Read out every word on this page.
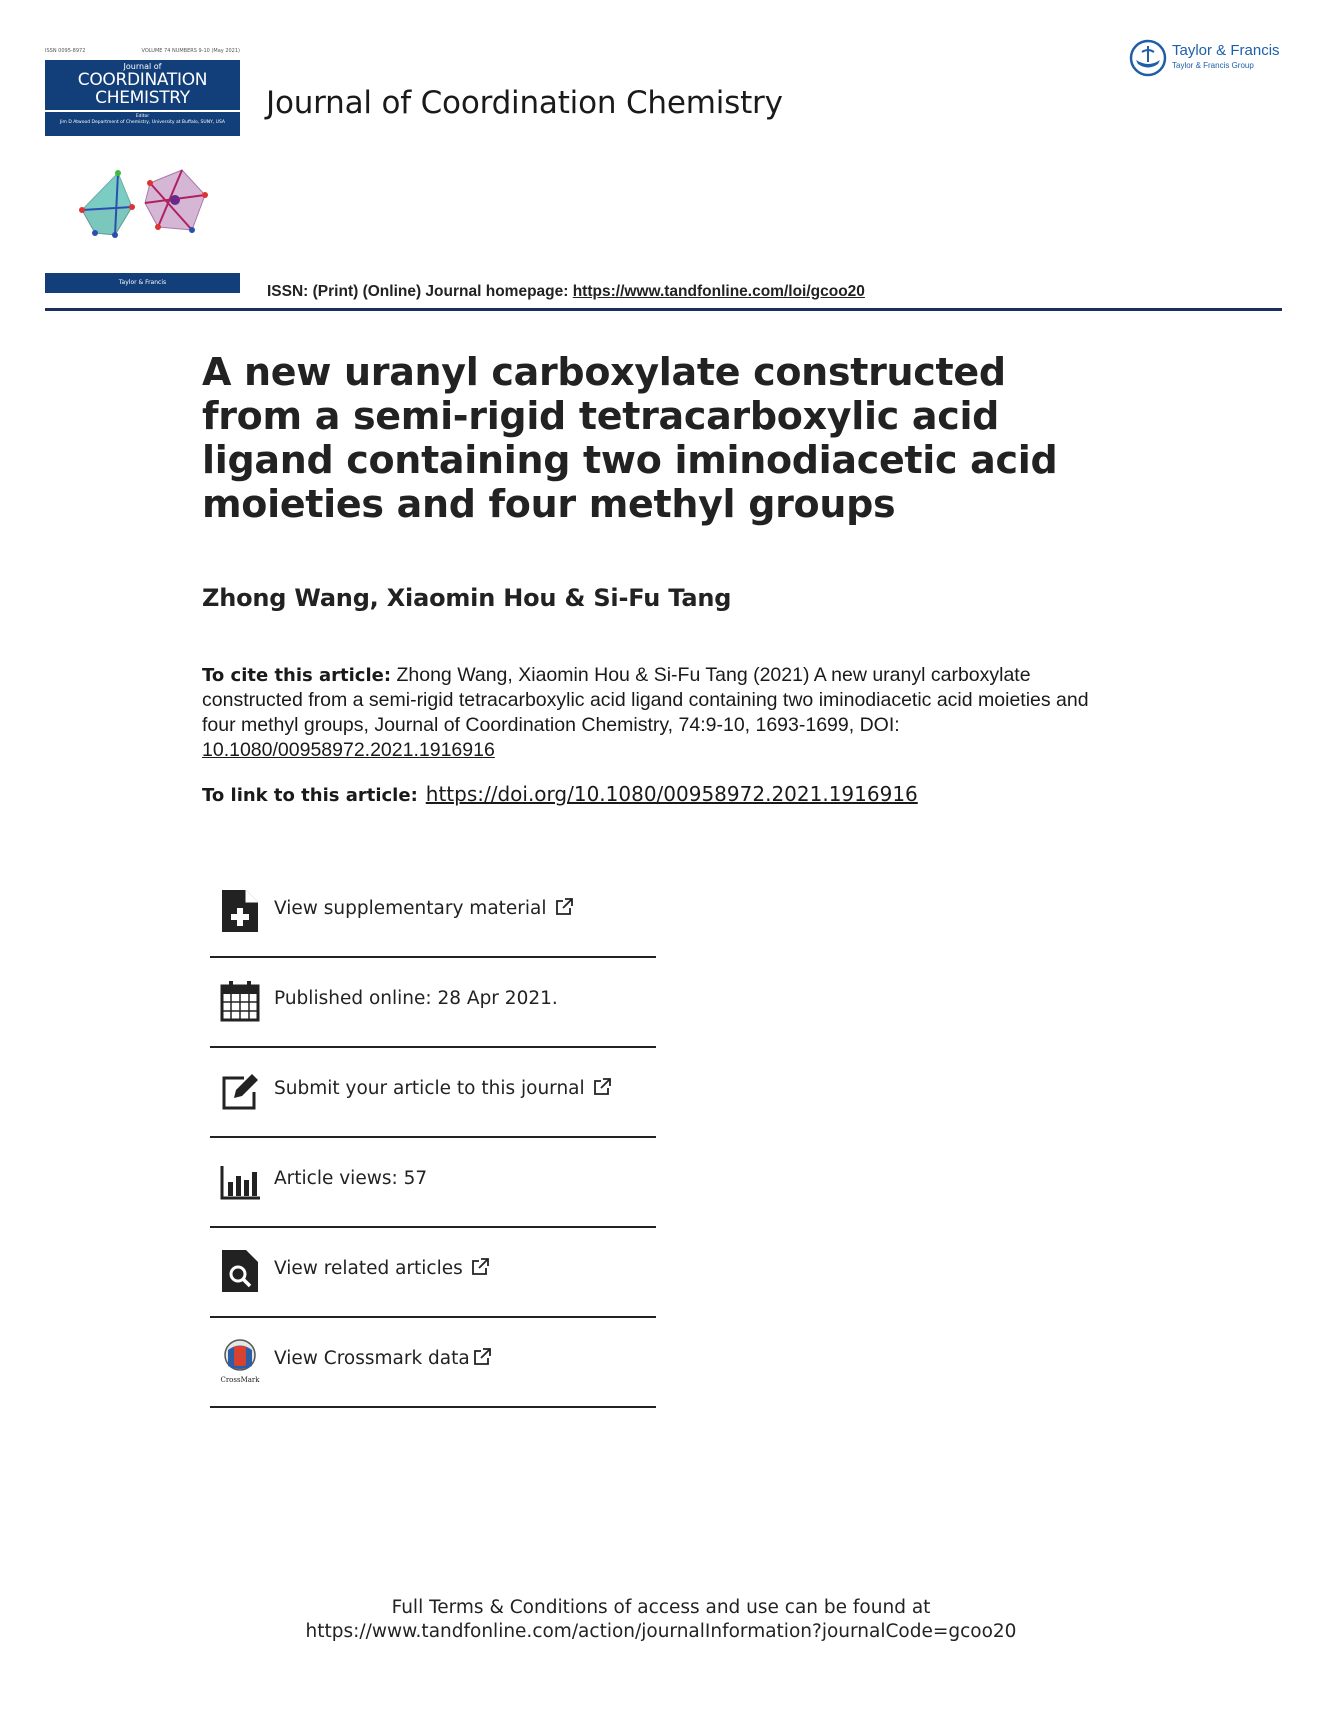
ISSN 0095-8972	VOLUME 74 NUMBERS 9-10 (May 2021)
Journal of
COORDINATION
CHEMISTRY
Editor
Jim D Atwood Department of Chemistry, University at Buffalo, SUNY, USA
Taylor & Francis
Journal of Coordination Chemistry
Taylor & Francis
Taylor & Francis Group
ISSN: (Print) (Online) Journal homepage: https://www.tandfonline.com/loi/gcoo20
A new uranyl carboxylate constructed from a semi-rigid tetracarboxylic acid ligand containing two iminodiacetic acid moieties and four methyl groups
Zhong Wang, Xiaomin Hou & Si-Fu Tang
To cite this article: Zhong Wang, Xiaomin Hou & Si-Fu Tang (2021) A new uranyl carboxylate constructed from a semi-rigid tetracarboxylic acid ligand containing two iminodiacetic acid moieties and four methyl groups, Journal of Coordination Chemistry, 74:9-10, 1693-1699, DOI: 10.1080/00958972.2021.1916916
To link to this article: https://doi.org/10.1080/00958972.2021.1916916
View supplementary material
Published online: 28 Apr 2021.
Submit your article to this journal
Article views: 57
View related articles
CrossMark
View Crossmark data
Full Terms & Conditions of access and use can be found at
https://www.tandfonline.com/action/journalInformation?journalCode=gcoo20
